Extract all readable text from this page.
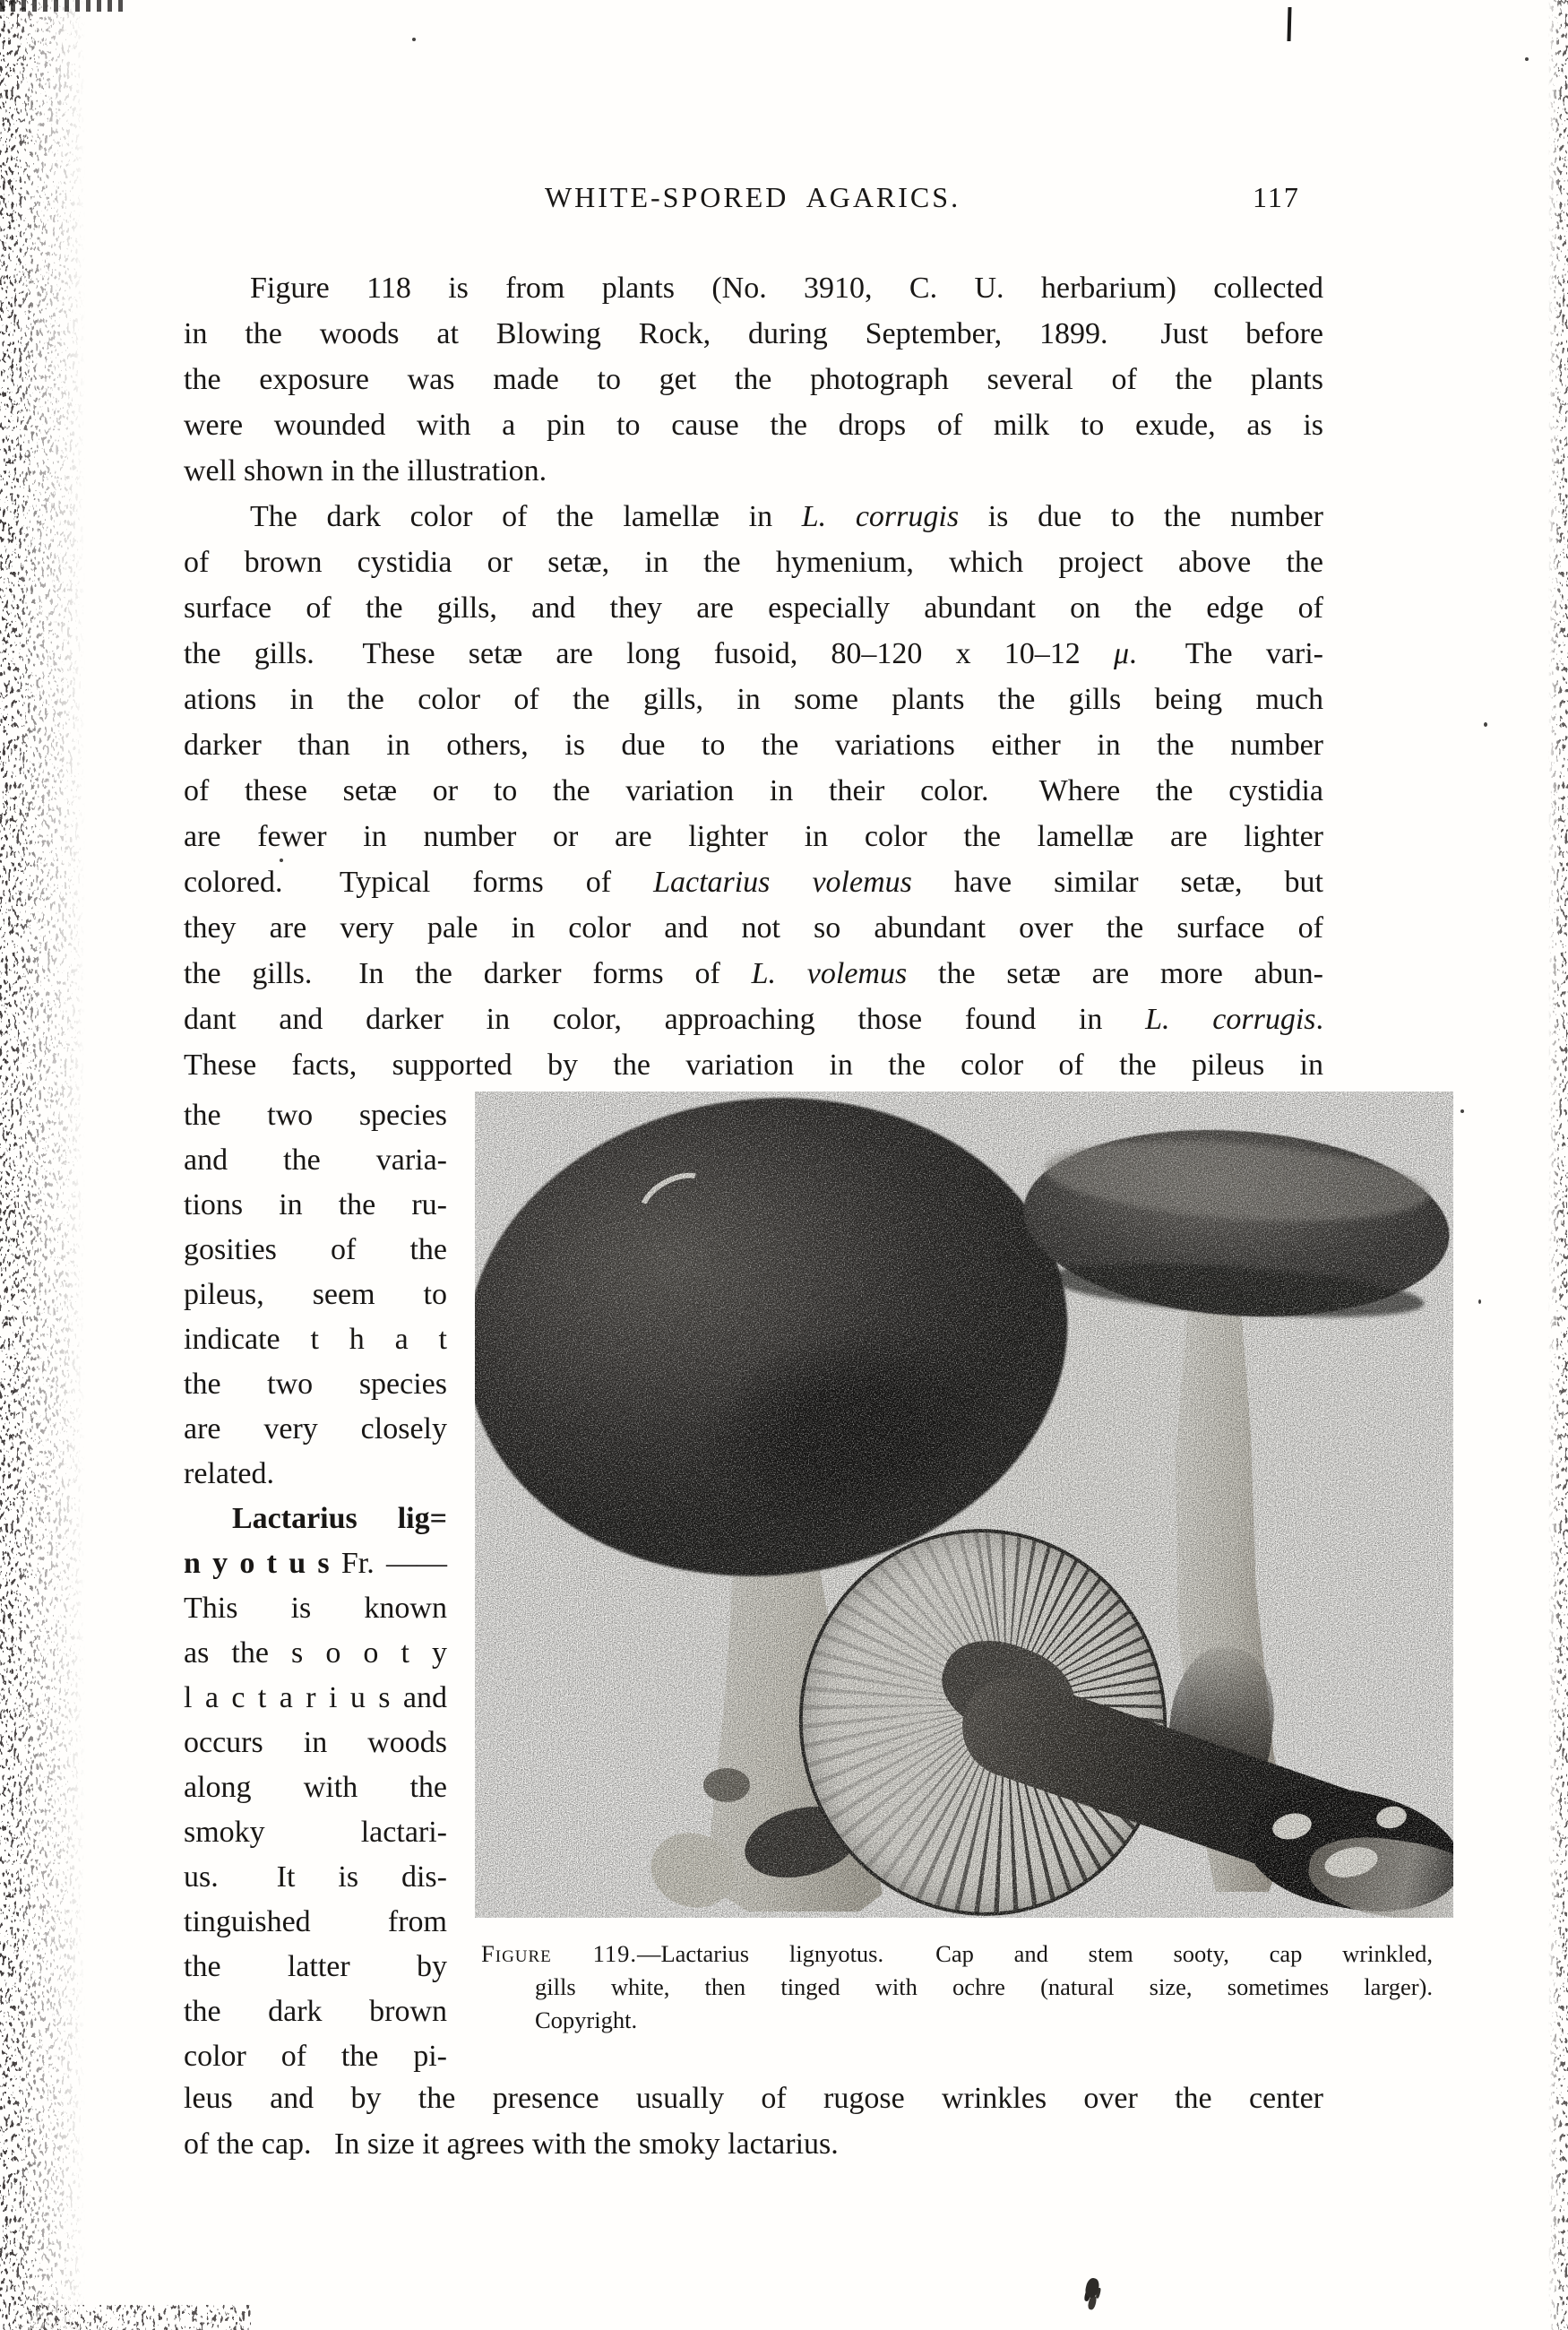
WHITE-SPORED AGARICS.	117
Figure 118 is from plants (No. 3910, C. U. herbarium) collected
in the woods at Blowing Rock, during September, 1899.  Just before
the exposure was made to get the photograph several of the plants
were wounded with a pin to cause the drops of milk to exude, as is
well shown in the illustration.
The dark color of the lamellæ in L. corrugis is due to the number
of brown cystidia or setæ, in the hymenium, which project above the
surface of the gills, and they are especially abundant on the edge of
the gills.  These setæ are long fusoid, 80–120 x 10–12 μ.  The vari-
ations in the color of the gills, in some plants the gills being much
darker than in others, is due to the variations either in the number
of these setæ or to the variation in their color.  Where the cystidia
are fewer in number or are lighter in color the lamellæ are lighter
colored.  Typical forms of Lactarius volemus have similar setæ, but
they are very pale in color and not so abundant over the surface of
the gills.  In the darker forms of L. volemus the setæ are more abun-
dant and darker in color, approaching those found in L. corrugis.
These facts, supported by the variation in the color of the pileus in
the two species
and the varia-
tions in the ru-
gosities of the
pileus, seem to
indicate t h a t
the two species
are very closely
related.
Lactarius lig=
n y o t u s Fr. ——
This is known
as the s o o t y
l a c t a r i u s and
occurs in woods
along with the
smoky lactari-
us.  It is dis-
tinguished from
the latter by
the dark brown
color of the pi-
Figure 119.—Lactarius lignyotus.  Cap and stem sooty, cap wrinkled,
gills white, then tinged with ochre (natural size, sometimes larger).
Copyright.
leus and by the presence usually of rugose wrinkles over the center
of the cap.  In size it agrees with the smoky lactarius.
